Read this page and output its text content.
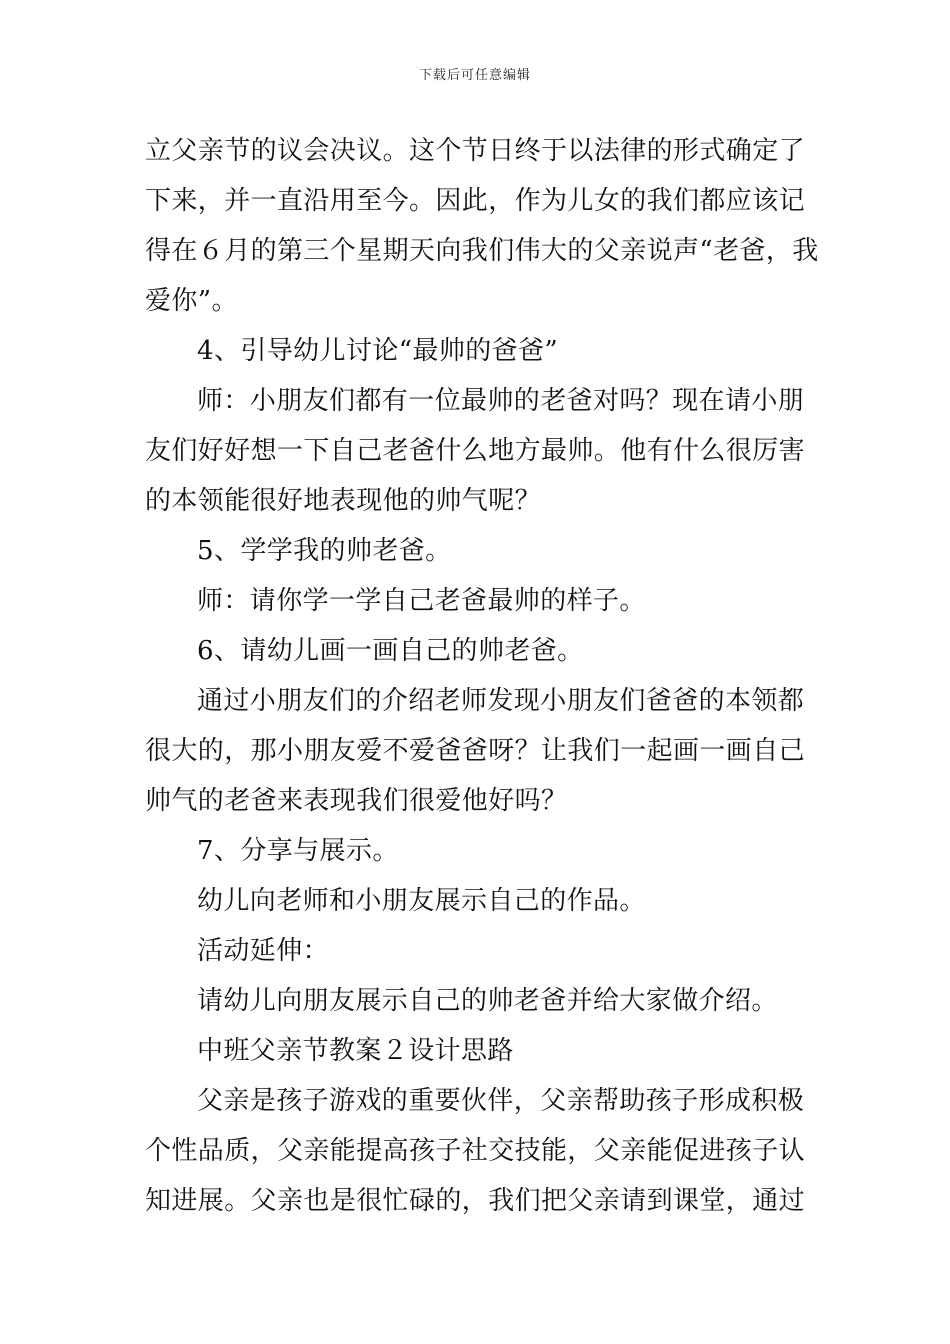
下载后可任意编辑
立父亲节的议会决议。这个节日终于以法律的形式确定了
下来，并一直沿用至今。因此，作为儿女的我们都应该记
得在６月的第三个星期天向我们伟大的父亲说声“老爸，我
爱你”。
4、引导幼儿讨论“最帅的爸爸”
师：小朋友们都有一位最帅的老爸对吗？现在请小朋
友们好好想一下自己老爸什么地方最帅。他有什么很厉害
的本领能很好地表现他的帅气呢？
5、学学我的帅老爸。
师：请你学一学自己老爸最帅的样子。
6、请幼儿画一画自己的帅老爸。
通过小朋友们的介绍老师发现小朋友们爸爸的本领都
很大的，那小朋友爱不爱爸爸呀？让我们一起画一画自己
帅气的老爸来表现我们很爱他好吗？
7、分享与展示。
幼儿向老师和小朋友展示自己的作品。
活动延伸：
请幼儿向朋友展示自己的帅老爸并给大家做介绍。
中班父亲节教案２设计思路
父亲是孩子游戏的重要伙伴，父亲帮助孩子形成积极
个性品质，父亲能提高孩子社交技能，父亲能促进孩子认
知进展。父亲也是很忙碌的，我们把父亲请到课堂，通过
